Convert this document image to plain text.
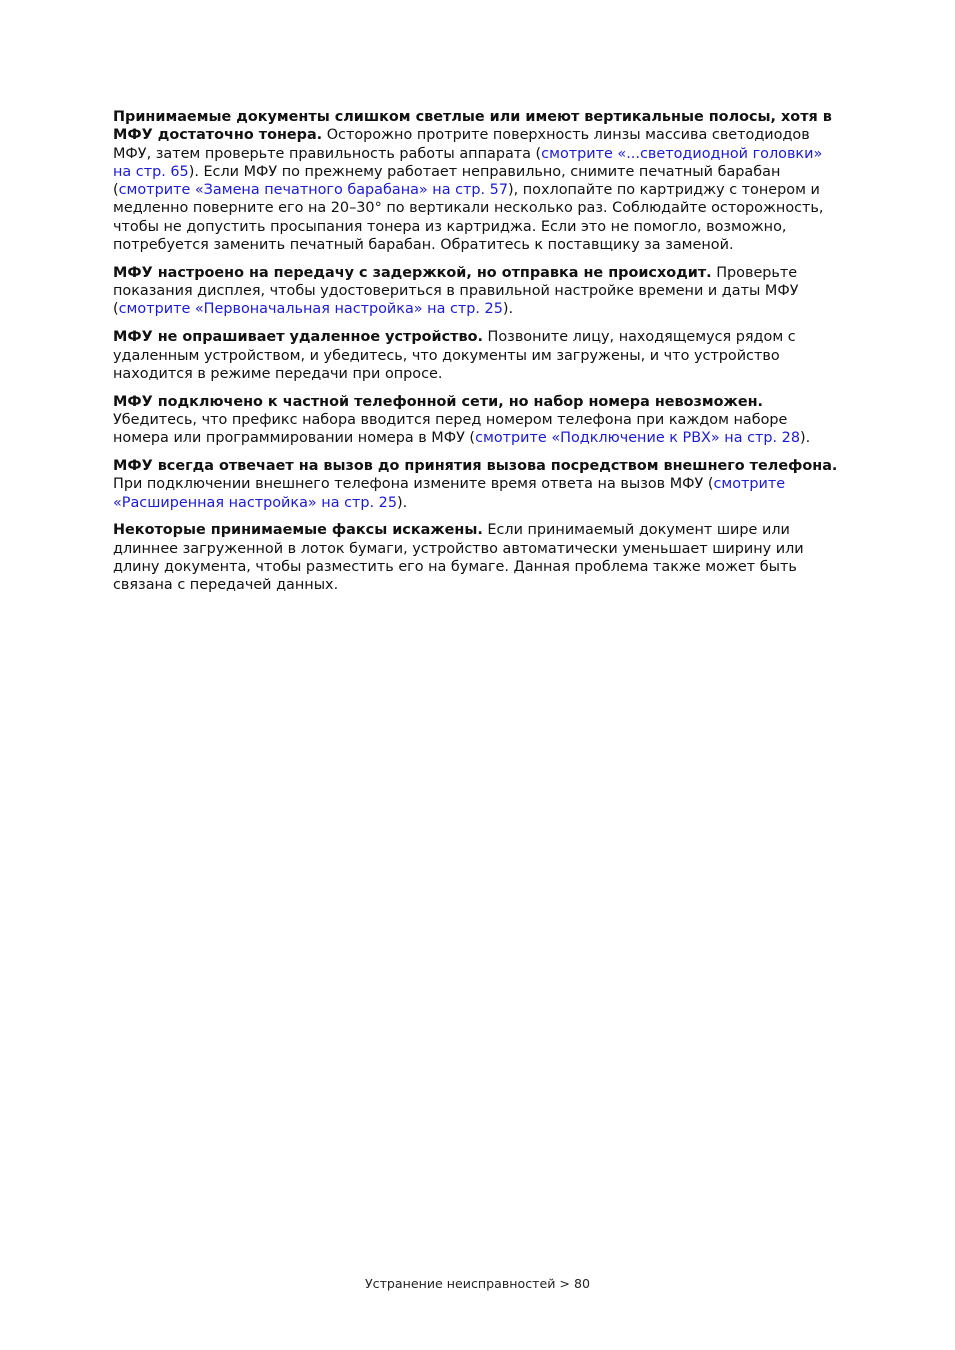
Принимаемые документы слишком светлые или имеют вертикальные полосы, хотя в МФУ достаточно тонера. Осторожно протрите поверхность линзы массива светодиодов МФУ, затем проверьте правильность работы аппарата (смотрите «...светодиодной головки» на стр. 65). Если МФУ по прежнему работает неправильно, снимите печатный барабан (смотрите «Замена печатного барабана» на стр. 57), похлопайте по картриджу с тонером и медленно поверните его на 20–30° по вертикали несколько раз. Соблюдайте осторожность, чтобы не допустить просыпания тонера из картриджа. Если это не помогло, возможно, потребуется заменить печатный барабан. Обратитесь к поставщику за заменой.

МФУ настроено на передачу с задержкой, но отправка не происходит. Проверьте показания дисплея, чтобы удостовериться в правильной настройке времени и даты МФУ (смотрите «Первоначальная настройка» на стр. 25).

МФУ не опрашивает удаленное устройство. Позвоните лицу, находящемуся рядом с удаленным устройством, и убедитесь, что документы им загружены, и что устройство находится в режиме передачи при опросе.

МФУ подключено к частной телефонной сети, но набор номера невозможен. Убедитесь, что префикс набора вводится перед номером телефона при каждом наборе номера или программировании номера в МФУ (смотрите «Подключение к PBX» на стр. 28).

МФУ всегда отвечает на вызов до принятия вызова посредством внешнего телефона. При подключении внешнего телефона измените время ответа на вызов МФУ (смотрите «Расширенная настройка» на стр. 25).

Некоторые принимаемые факсы искажены. Если принимаемый документ шире или длиннее загруженной в лоток бумаги, устройство автоматически уменьшает ширину или длину документа, чтобы разместить его на бумаге. Данная проблема также может быть связана с передачей данных.

Устранение неисправностей > 80
